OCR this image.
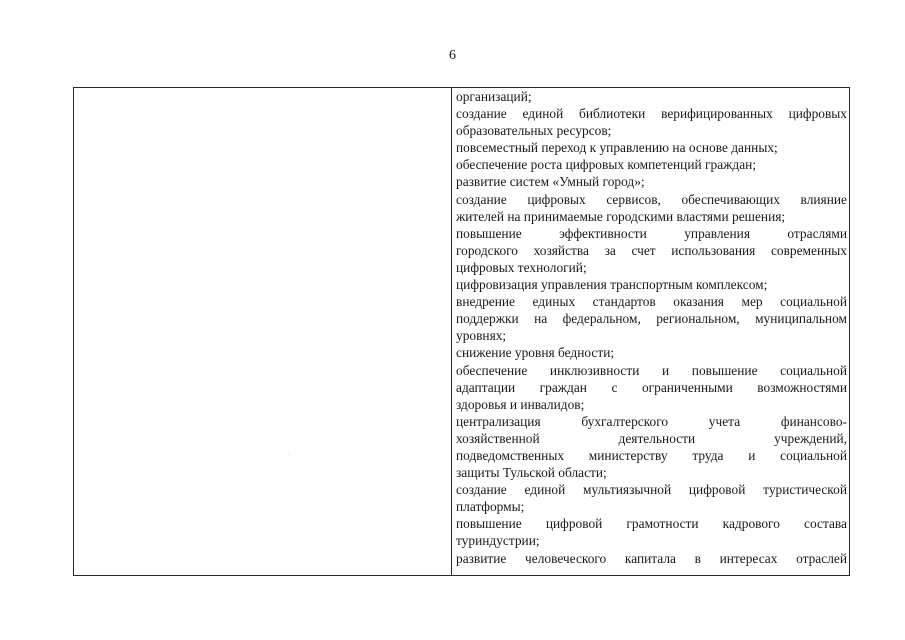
6
·
организаций;
создание единой библиотеки верифицированных цифровых
образовательных ресурсов;
повсеместный переход к управлению на основе данных;
обеспечение роста цифровых компетенций граждан;
развитие систем «Умный город»;
создание цифровых сервисов, обеспечивающих влияние
жителей на принимаемые городскими властями решения;
повышение эффективности управления отраслями
городского хозяйства за счет использования современных
цифровых технологий;
цифровизация управления транспортным комплексом;
внедрение единых стандартов оказания мер социальной
поддержки на федеральном, региональном, муниципальном
уровнях;
снижение уровня бедности;
обеспечение инклюзивности и повышение социальной
адаптации граждан с ограниченными возможностями
здоровья и инвалидов;
централизация бухгалтерского учета финансово-
хозяйственной деятельности учреждений,
подведомственных министерству труда и социальной
защиты Тульской области;
создание единой мультиязычной цифровой туристической
платформы;
повышение цифровой грамотности кадрового состава
туриндустрии;
развитие человеческого капитала в интересах отраслей
